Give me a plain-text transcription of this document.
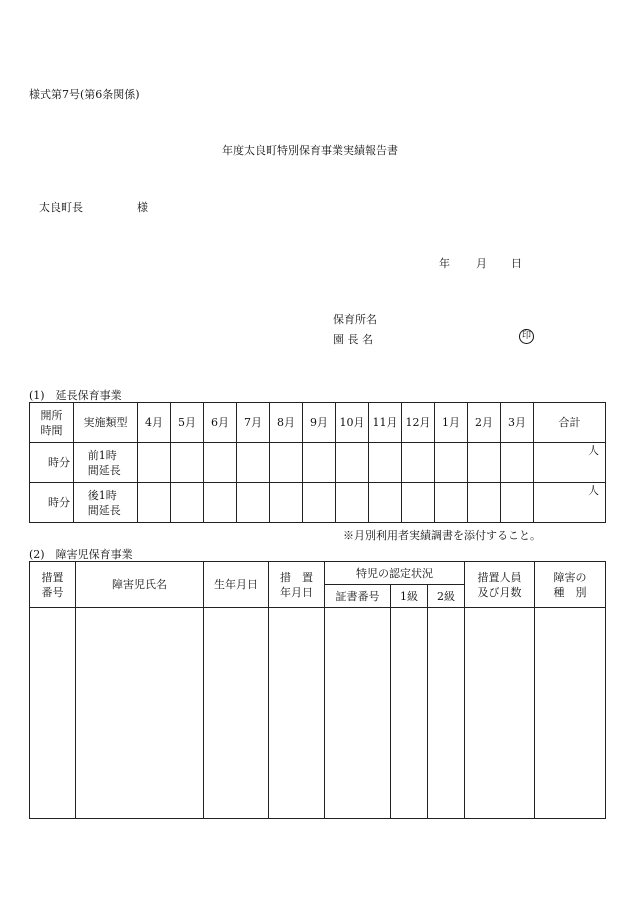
様式第7号(第6条関係)
年度太良町特別保育事業実績報告書
太良町長	様
年 月 日
保育所名
園 長 名	印
(1)　延長保育事業
開所時間	実施類型	4月	5月	6月	7月	8月	9月	10月	11月	12月	1月	2月	3月	合計
時分	前1時間延長													人
時分	後1時間延長													人
※月別利用者実績調書を添付すること。
(2)　障害児保育事業
措置番号	障害児氏名	生年月日	措　置年月日	特児の認定状況			措置人員及び月数	障害の種　別

				証書番号	1級	2級		
